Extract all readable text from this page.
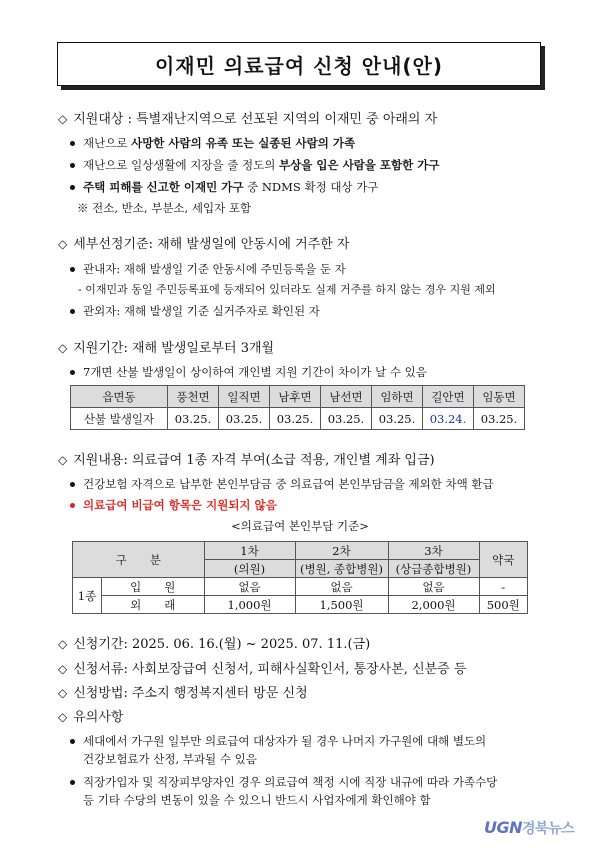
이재민 의료급여 신청 안내(안)
◇ 지원대상 : 특별재난지역으로 선포된 지역의 이재민 중 아래의 자
재난으로 사망한 사람의 유족 또는 실종된 사람의 가족
재난으로 일상생활에 지장을 줄 정도의 부상을 입은 사람을 포함한 가구
주택 피해를 신고한 이재민 가구 중 NDMS 확정 대상 가구
※ 전소, 반소, 부분소, 세입자 포함
◇ 세부선정기준: 재해 발생일에 안동시에 거주한 자
관내자: 재해 발생일 기준 안동시에 주민등록을 둔 자
- 이재민과 동일 주민등록표에 등재되어 있더라도 실제 거주를 하지 않는 경우 지원 제외
관외자: 재해 발생일 기준 실거주자로 확인된 자
◇ 지원기간: 재해 발생일로부터 3개월
7개면 산불 발생일이 상이하여 개인별 지원 기간이 차이가 날 수 있음
읍면동	풍천면	일직면	남후면	남선면	임하면	길안면	임동면
산불 발생일자	03.25.	03.25.	03.25.	03.25.	03.25.	03.24.	03.25.
◇ 지원내용: 의료급여 1종 자격 부여(소급 적용, 개인별 계좌 입금)
건강보험 자격으로 납부한 본인부담금 중 의료급여 본인부담금을 제외한 차액 환급
의료급여 비급여 항목은 지원되지 않음
<의료급여 본인부담 기준>
구　　분		1차	2차	3차	약국
		(의원)	(병원, 종합병원)	(상급종합병원)	
1종	입　　원	없음	없음	없음	-
	외　　래	1,000원	1,500원	2,000원	500원
◇ 신청기간: 2025. 06. 16.(월) ~ 2025. 07. 11.(금)
◇ 신청서류: 사회보장급여 신청서, 피해사실확인서, 통장사본, 신분증 등
◇ 신청방법: 주소지 행정복지센터 방문 신청
◇ 유의사항
세대에서 가구원 일부만 의료급여 대상자가 될 경우 나머지 가구원에 대해 별도의
건강보험료가 산정, 부과될 수 있음
직장가입자 및 직장피부양자인 경우 의료급여 책정 시에 직장 내규에 따라 가족수당
등 기타 수당의 변동이 있을 수 있으니 반드시 사업자에게 확인해야 함
UGN경북뉴스
